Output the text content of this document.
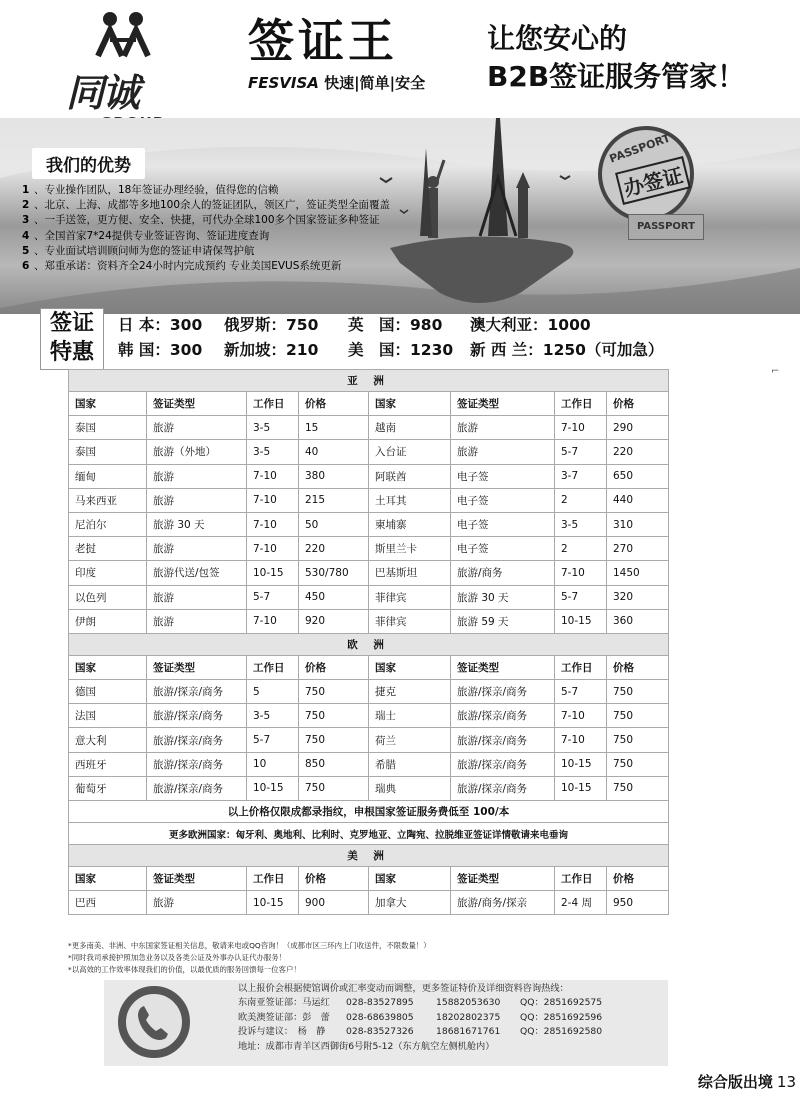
同诚
签证王
FESVISA 快速|简单|安全
让您安心的
B2B签证服务管家！
PASSPORT
办签证
PASSPORT
我们的优势
1 、专业操作团队，18年签证办理经验，值得您的信赖
2 、北京、上海、成都等多地100余人的签证团队，领区广，签证类型全面覆盖
3 、一手送签，更方便、安全、快捷，可代办全球100多个国家签证多种签证
4 、全国首家7*24提供专业签证咨询、签证进度查询
5 、专业面试培训顾问师为您的签证申请保驾护航
6 、郑重承诺：资料齐全24小时内完成预约 专业美国EVUS系统更新
签证
特惠
日 本：300 俄罗斯：750 英　国：980 澳大利亚：1000
韩 国：300 新加坡：210 美　国：1230 新 西 兰：1250（可加急）
⌐
亚 洲							
国家	签证类型	工作日	价格	国家	签证类型	工作日	价格
泰国	旅游	3-5	15	越南	旅游	7-10	290
泰国	旅游（外地）	3-5	40	入台证	旅游	5-7	220
缅甸	旅游	7-10	380	阿联酋	电子签	3-7	650
马来西亚	旅游	7-10	215	土耳其	电子签	2	440
尼泊尔	旅游 30 天	7-10	50	柬埔寨	电子签	3-5	310
老挝	旅游	7-10	220	斯里兰卡	电子签	2	270
印度	旅游代送/包签	10-15	530/780	巴基斯坦	旅游/商务	7-10	1450
以色列	旅游	5-7	450	菲律宾	旅游 30 天	5-7	320
伊朗	旅游	7-10	920	菲律宾	旅游 59 天	10-15	360
欧 洲							
国家	签证类型	工作日	价格	国家	签证类型	工作日	价格
德国	旅游/探亲/商务	5	750	捷克	旅游/探亲/商务	5-7	750
法国	旅游/探亲/商务	3-5	750	瑞士	旅游/探亲/商务	7-10	750
意大利	旅游/探亲/商务	5-7	750	荷兰	旅游/探亲/商务	7-10	750
西班牙	旅游/探亲/商务	10	850	希腊	旅游/探亲/商务	10-15	750
葡萄牙	旅游/探亲/商务	10-15	750	瑞典	旅游/探亲/商务	10-15	750
以上价格仅限成都录指纹，申根国家签证服务费低至 100/本							
更多欧洲国家：匈牙利、奥地利、比利时、克罗地亚、立陶宛、拉脱维亚签证详情敬请来电垂询							
美 洲							
国家	签证类型	工作日	价格	国家	签证类型	工作日	价格
巴西	旅游	10-15	900	加拿大	旅游/商务/探亲	2-4 周	950
*更多南美、非洲、中东国家签证相关信息，敬请来电或QQ咨询！（成都市区三环内上门收送件，不限数量！）
*同时我司承接护照加急业务以及各类公证及外事办认证代办服务！
*以高效的工作效率体现我们的价值，以最优质的服务回馈每一位客户！
以上报价会根据使馆调价或汇率变动而调整，更多签证特价及详细资料咨询热线：
东南亚签证部：马运红 028-83527895 15882053630 QQ：2851692575
欧美澳签证部：彭　蕾 028-68639805 18202802375 QQ：2851692596
投诉与建议：　杨　静 028-83527326 18681671761 QQ：2851692580
地址：成都市青羊区西御街6号附5-12（东方航空左侧机舱内）
综合版出境 13
